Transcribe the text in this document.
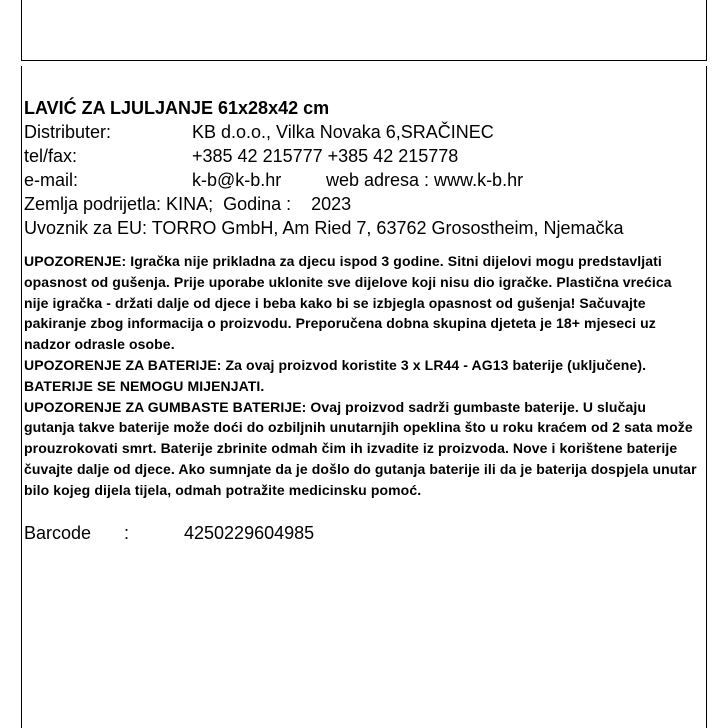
LAVIĆ ZA LJULJANJE 61x28x42 cm
Distributer:	KB d.o.o., Vilka Novaka 6,SRAČINEC
tel/fax:	+385 42 215777 +385 42 215778
e-mail:	k-b@k-b.hr web adresa : www.k-b.hr
Zemlja podrijetla: KINA;  Godina :    2023

Uvoznik za EU: TORRO GmbH, Am Ried 7, 63762 Grosostheim, Njemačka

UPOZORENJE: Igračka nije prikladna za djecu ispod 3 godine. Sitni dijelovi mogu predstavljati opasnost od gušenja. Prije uporabe uklonite sve dijelove koji nisu dio igračke. Plastična vrećica nije igračka - držati dalje od djece i beba kako bi se izbjegla opasnost od gušenja! Sačuvajte pakiranje zbog informacija o proizvodu. Preporučena dobna skupina djeteta je 18+ mjeseci uz nadzor odrasle osobe.

UPOZORENJE ZA BATERIJE: Za ovaj proizvod koristite 3 x LR44 - AG13 baterije (uključene). BATERIJE SE NEMOGU MIJENJATI.

UPOZORENJE ZA GUMBASTE BATERIJE: Ovaj proizvod sadrži gumbaste baterije. U slučaju gutanja takve baterije može doći do ozbiljnih unutarnjih opeklina što u roku kraćem od 2 sata može prouzrokovati smrt. Baterije zbrinite odmah čim ih izvadite iz proizvoda. Nove i korištene baterije čuvajte dalje od djece. Ako sumnjate da je došlo do gutanja baterije ili da je baterija dospjela unutar bilo kojeg dijela tijela, odmah potražite medicinsku pomoć.

Barcode :	4250229604985
